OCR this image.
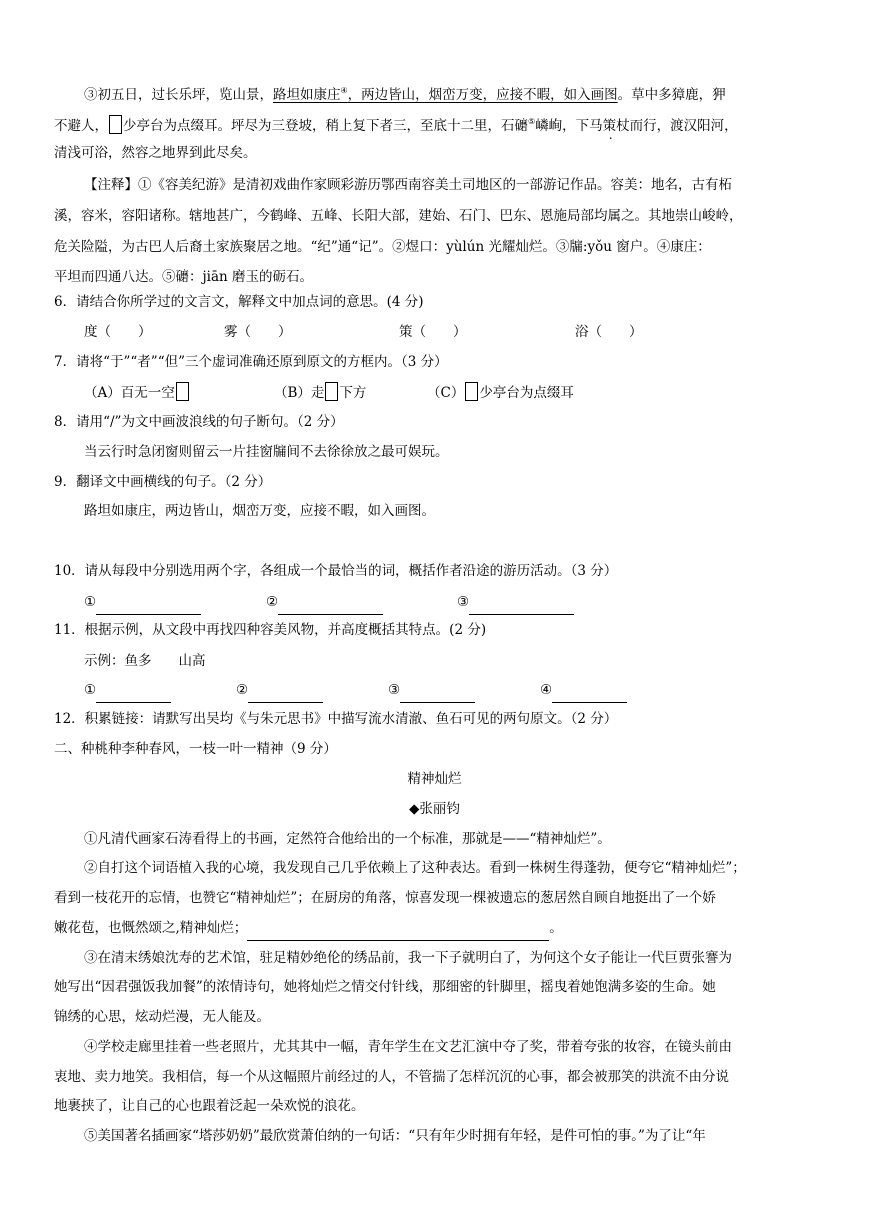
③初五日，过长乐坪，览山景，路坦如康庄④，两边皆山，烟峦万变，应接不暇，如入画图。草中多獐鹿，狎
不避人， 少亭台为点缀耳。坪尽为三登坡，稍上复下者三，至底十二里，石礳⑤嶙峋，下马策杖而行，渡汉阳河，
清浅可浴，然容之地界到此尽矣。
【注释】①《容美纪游》是清初戏曲作家顾彩游历鄂西南容美土司地区的一部游记作品。容美：地名，古有柘
溪，容米，容阳诸称。辖地甚广，今鹤峰、五峰、长阳大部，建始、石门、巴东、恩施局部均属之。其地崇山峻岭，
危关险隘，为古巴人后裔土家族聚居之地。“纪”通“记”。②煜口：yùlún 光耀灿烂。③牖:yǒu 窗户。④康庄：
平坦而四通八达。⑤礳：jiān 磨玉的砺石。
6．请结合你所学过的文言文，解释文中加点词的意思。(4 分)
度（　　）	雾（　　）	策（　　）	浴（　　）
7．请将“于”“者”“但”三个虚词准确还原到原文的方框内。（3 分）
（A）百无一空	（B）走 下方	（C） 少亭台为点缀耳
8．请用“/”为文中画波浪线的句子断句。（2 分）
当云行时急闭窗则留云一片挂窗牖间不去徐徐放之最可娱玩。
9．翻译文中画横线的句子。（2 分）
路坦如康庄，两边皆山，烟峦万变，应接不暇，如入画图。
10．请从每段中分别选用两个字，各组成一个最恰当的词，概括作者沿途的游历活动。（3 分）
①	②	③
11．根据示例，从文段中再找四种容美风物，并高度概括其特点。(2 分)
示例：鱼多　　山高
①	②	③	④
12．积累链接：请默写出吴均《与朱元思书》中描写流水清澈、鱼石可见的两句原文。（2 分）
二、种桃种李种春风，一枝一叶一精神（9 分）
精神灿烂
◆张丽钧
①凡清代画家石涛看得上的书画，定然符合他给出的一个标准，那就是——“精神灿烂”。
②自打这个词语植入我的心境，我发现自己几乎依赖上了这种表达。看到一株树生得蓬勃，便夸它“精神灿烂”；
看到一枝花开的忘情，也赞它“精神灿烂”；在厨房的角落，惊喜发现一棵被遗忘的葱居然自顾自地挺出了一个娇
嫩花苞，也慨然颂之,精神灿烂；	。
③在清末绣娘沈寿的艺术馆，驻足精妙绝伦的绣品前，我一下子就明白了，为何这个女子能让一代巨贾张謇为
她写出“因君强饭我加餐”的浓情诗句，她将灿烂之情交付针线，那细密的针脚里，摇曳着她饱满多姿的生命。她
锦绣的心思，炫动烂漫，无人能及。
④学校走廊里挂着一些老照片，尤其其中一幅，青年学生在文艺汇演中夺了奖，带着夸张的妆容，在镜头前由
衷地、卖力地笑。我相信，每一个从这幅照片前经过的人，不管揣了怎样沉沉的心事，都会被那笑的洪流不由分说
地裹挟了，让自己的心也跟着泛起一朵欢悦的浪花。
⑤美国著名插画家“塔莎奶奶”最欣赏萧伯纳的一句话：“只有年少时拥有年轻，是件可怕的事。”为了让“年
